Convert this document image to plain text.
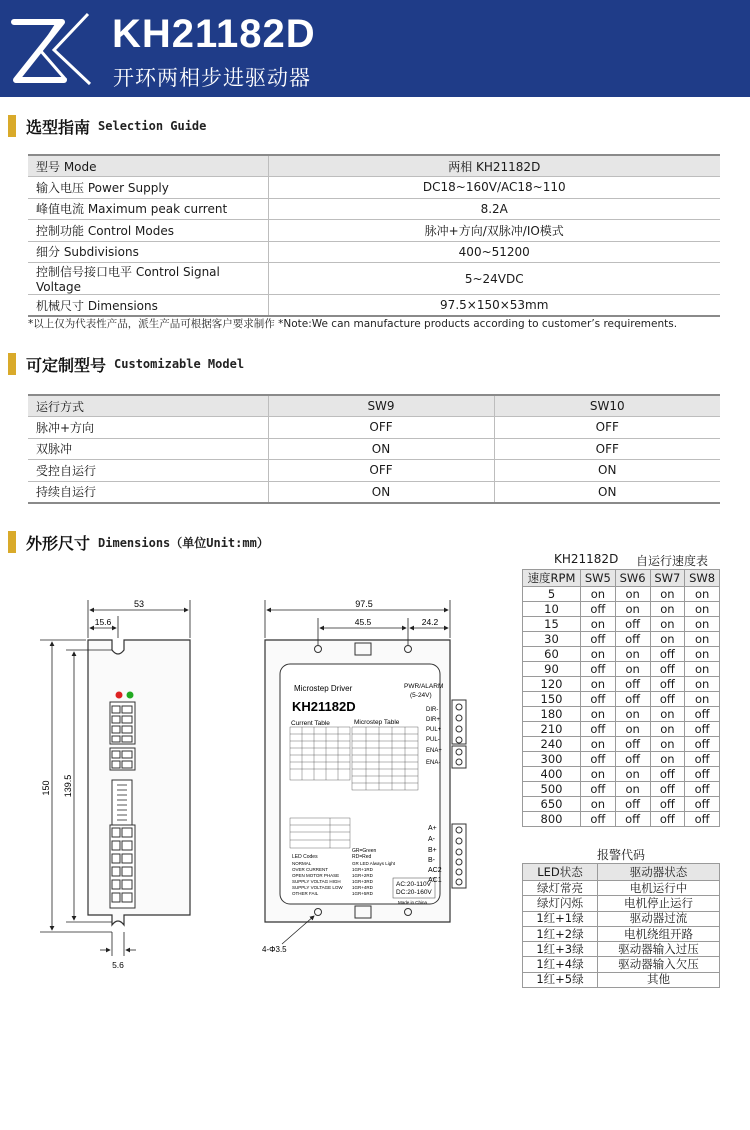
KH21182D
开环两相步进驱动器
选型指南 Selection Guide
型号 Mode	两相 KH21182D
输入电压 Power Supply	DC18~160V/AC18~110
峰值电流 Maximum peak current	8.2A
控制功能 Control Modes	脉冲+方向/双脉冲/IO模式
细分 Subdivisions	400~51200
控制信号接口电平 Control Signal Voltage	5~24VDC
机械尺寸 Dimensions	97.5×150×53mm
*以上仅为代表性产品，派生产品可根据客户要求制作 *Note:We can manufacture products according to customer’s requirements.
可定制型号 Customizable Model
运行方式	SW9	SW10
脉冲+方向	OFF	OFF
双脉冲	ON	OFF
受控自运行	OFF	ON
持续自运行	ON	ON
外形尺寸 Dimensions（单位Unit:mm）
53
15.6
150 139.5
5.6
Microstep Driver
KH21182D
PWR/ALARM
(5-24V)
Current Table	Microstep Table
LED Codes
GR=Green
RD=Red
NORMAL	GR LED Always Light
OVER CURRENT	1GR+1RD
OPEN MOTOR PHASE	1GR+2RD
SUPPLY VOLTAG HIGH	1GR+3RD
SUPPLY VOLTAGE LOW 1GR+4RD
OTHER FAIL	1GR+5RD
AC:20-110V
DC:20-160V
Made in China
DIR-
DIR+
PUL+
PUL-
ENA+
ENA-
A+
A-
B+
B-
AC2
AC1
97.5
45.5	24.2
4-Φ3.5
KH21182D 自运行速度表
速度RPM	SW5	SW6	SW7	SW8
5	on	on	on	on
10	off	on	on	on
15	on	off	on	on
30	off	off	on	on
60	on	on	off	on
90	off	on	off	on
120	on	off	off	on
150	off	off	off	on
180	on	on	on	off
210	off	on	on	off
240	on	off	on	off
300	off	off	on	off
400	on	on	off	off
500	off	on	off	off
650	on	off	off	off
800	off	off	off	off
报警代码
LED状态	驱动器状态
绿灯常亮	电机运行中
绿灯闪烁	电机停止运行
1红+1绿	驱动器过流
1红+2绿	电机绕组开路
1红+3绿	驱动器输入过压
1红+4绿	驱动器输入欠压
1红+5绿	其他
